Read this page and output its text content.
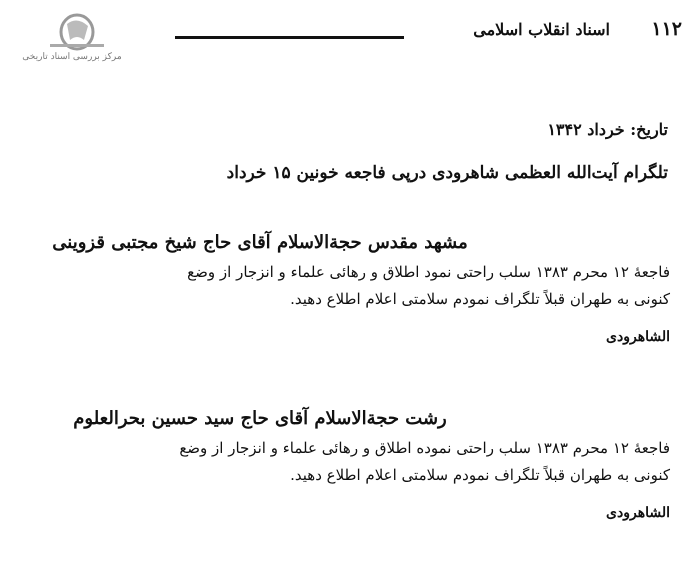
مرکز بررسی اسناد تاریخی
اسناد انقلاب اسلامی ۱۱۲
تاریخ: خرداد ۱۳۴۲
تلگرام آیت‌الله العظمی شاهرودی درپی فاجعه خونین ۱۵ خرداد
مشهد مقدس حجة‌الاسلام آقای حاج شیخ مجتبی قزوینی
فاجعهٔ ۱۲ محرم ۱۳۸۳ سلب راحتی نمود اطلاق و رهائی علماء و انزجار از وضع
کنونی به طهران قبلاً تلگراف نمودم سلامتی اعلام اطلاع دهید.
الشاهرودی
رشت حجة‌الاسلام آقای حاج سید حسین بحرالعلوم
فاجعهٔ ۱۲ محرم ۱۳۸۳ سلب راحتی نموده اطلاق و رهائی علماء و انزجار از وضع
کنونی به طهران قبلاً تلگراف نمودم سلامتی اعلام اطلاع دهید.
الشاهرودی
